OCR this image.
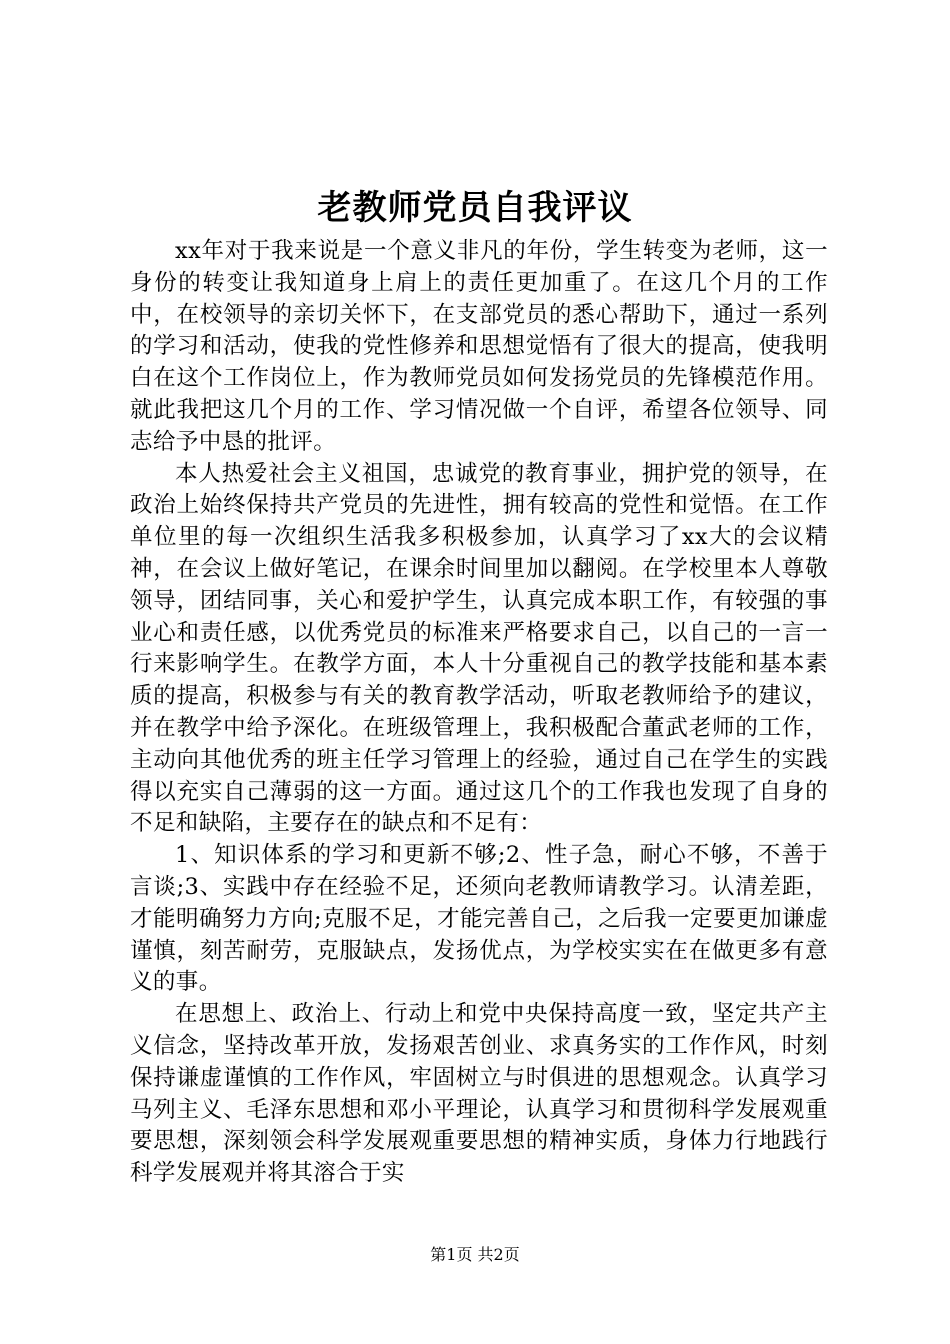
老教师党员自我评议

xx年对于我来说是一个意义非凡的年份，学生转变为老师，这一身份的转变让我知道身上肩上的责任更加重了。在这几个月的工作中，在校领导的亲切关怀下，在支部党员的悉心帮助下，通过一系列的学习和活动，使我的党性修养和思想觉悟有了很大的提高，使我明白在这个工作岗位上，作为教师党员如何发扬党员的先锋模范作用。就此我把这几个月的工作、学习情况做一个自评，希望各位领导、同志给予中恳的批评。

本人热爱社会主义祖国，忠诚党的教育事业，拥护党的领导，在政治上始终保持共产党员的先进性，拥有较高的党性和觉悟。在工作单位里的每一次组织生活我多积极参加，认真学习了xx大的会议精神，在会议上做好笔记，在课余时间里加以翻阅。在学校里本人尊敬领导，团结同事，关心和爱护学生，认真完成本职工作，有较强的事业心和责任感，以优秀党员的标准来严格要求自己，以自己的一言一行来影响学生。在教学方面，本人十分重视自己的教学技能和基本素质的提高，积极参与有关的教育教学活动，听取老教师给予的建议，并在教学中给予深化。在班级管理上，我积极配合董武老师的工作，主动向其他优秀的班主任学习管理上的经验，通过自己在学生的实践得以充实自己薄弱的这一方面。通过这几个的工作我也发现了自身的不足和缺陷，主要存在的缺点和不足有：

1、知识体系的学习和更新不够;2、性子急，耐心不够，不善于言谈;3、实践中存在经验不足，还须向老教师请教学习。认清差距，才能明确努力方向;克服不足，才能完善自己，之后我一定要更加谦虚谨慎，刻苦耐劳，克服缺点，发扬优点，为学校实实在在做更多有意义的事。

在思想上、政治上、行动上和党中央保持高度一致，坚定共产主义信念，坚持改革开放，发扬艰苦创业、求真务实的工作作风，时刻保持谦虚谨慎的工作作风，牢固树立与时俱进的思想观念。认真学习马列主义、毛泽东思想和邓小平理论，认真学习和贯彻科学发展观重要思想，深刻领会科学发展观重要思想的精神实质，身体力行地践行科学发展观并将其溶合于实

第1页 共2页
